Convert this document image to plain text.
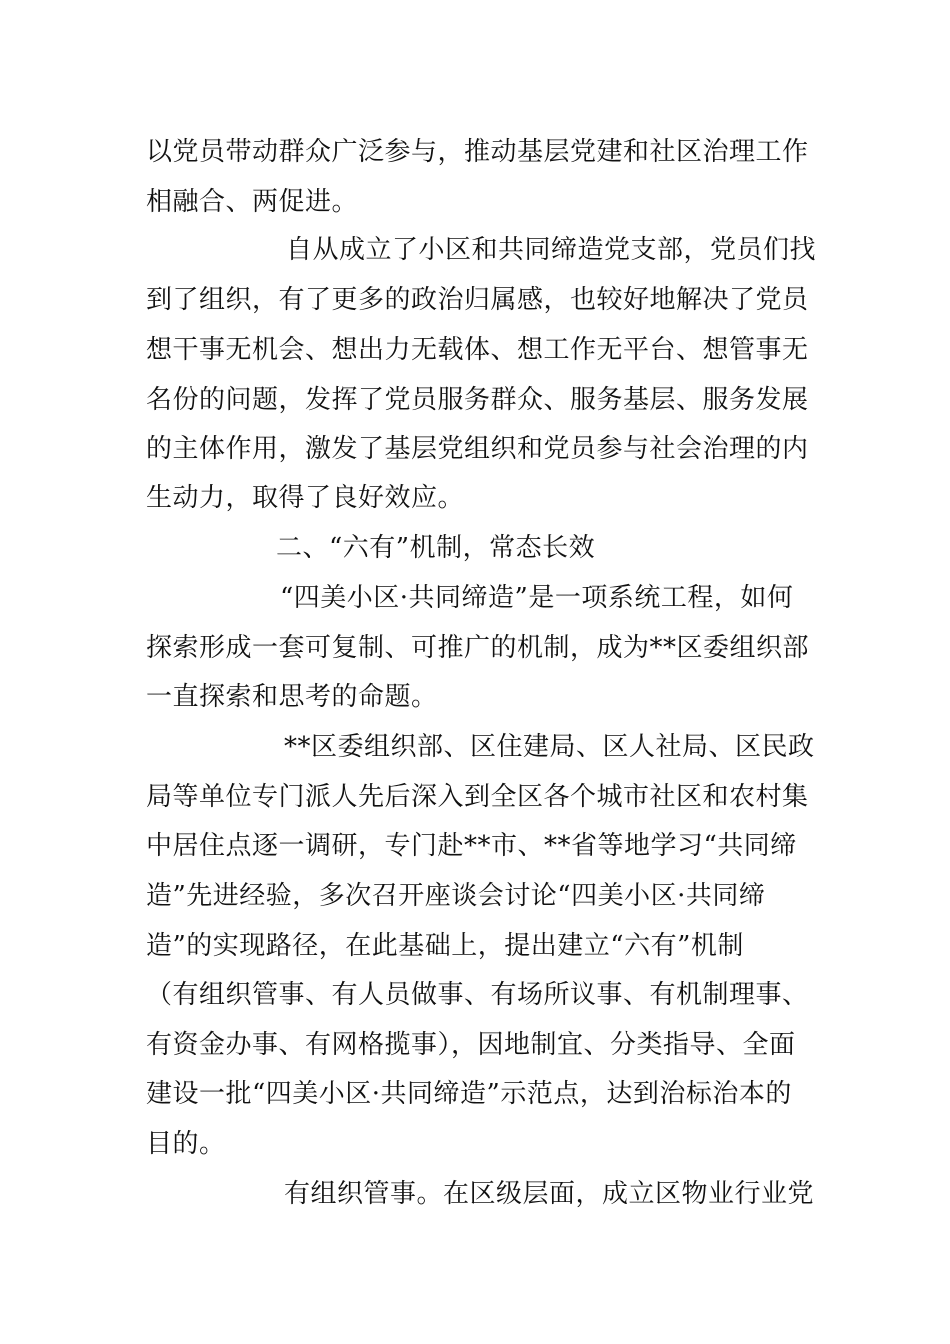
以党员带动群众广泛参与，推动基层党建和社区治理工作
相融合、两促进。
自从成立了小区和共同缔造党支部，党员们找
到了组织，有了更多的政治归属感，也较好地解决了党员
想干事无机会、想出力无载体、想工作无平台、想管事无
名份的问题，发挥了党员服务群众、服务基层、服务发展
的主体作用，激发了基层党组织和党员参与社会治理的内
生动力，取得了良好效应。
二、“六有”机制，常态长效
“四美小区·共同缔造”是一项系统工程，如何
探索形成一套可复制、可推广的机制，成为**区委组织部
一直探索和思考的命题。
**区委组织部、区住建局、区人社局、区民政
局等单位专门派人先后深入到全区各个城市社区和农村集
中居住点逐一调研，专门赴**市、**省等地学习“共同缔
造”先进经验，多次召开座谈会讨论“四美小区·共同缔
造”的实现路径，在此基础上，提出建立“六有”机制
（有组织管事、有人员做事、有场所议事、有机制理事、
有资金办事、有网格揽事），因地制宜、分类指导、全面
建设一批“四美小区·共同缔造”示范点，达到治标治本的
目的。
有组织管事。在区级层面，成立区物业行业党
